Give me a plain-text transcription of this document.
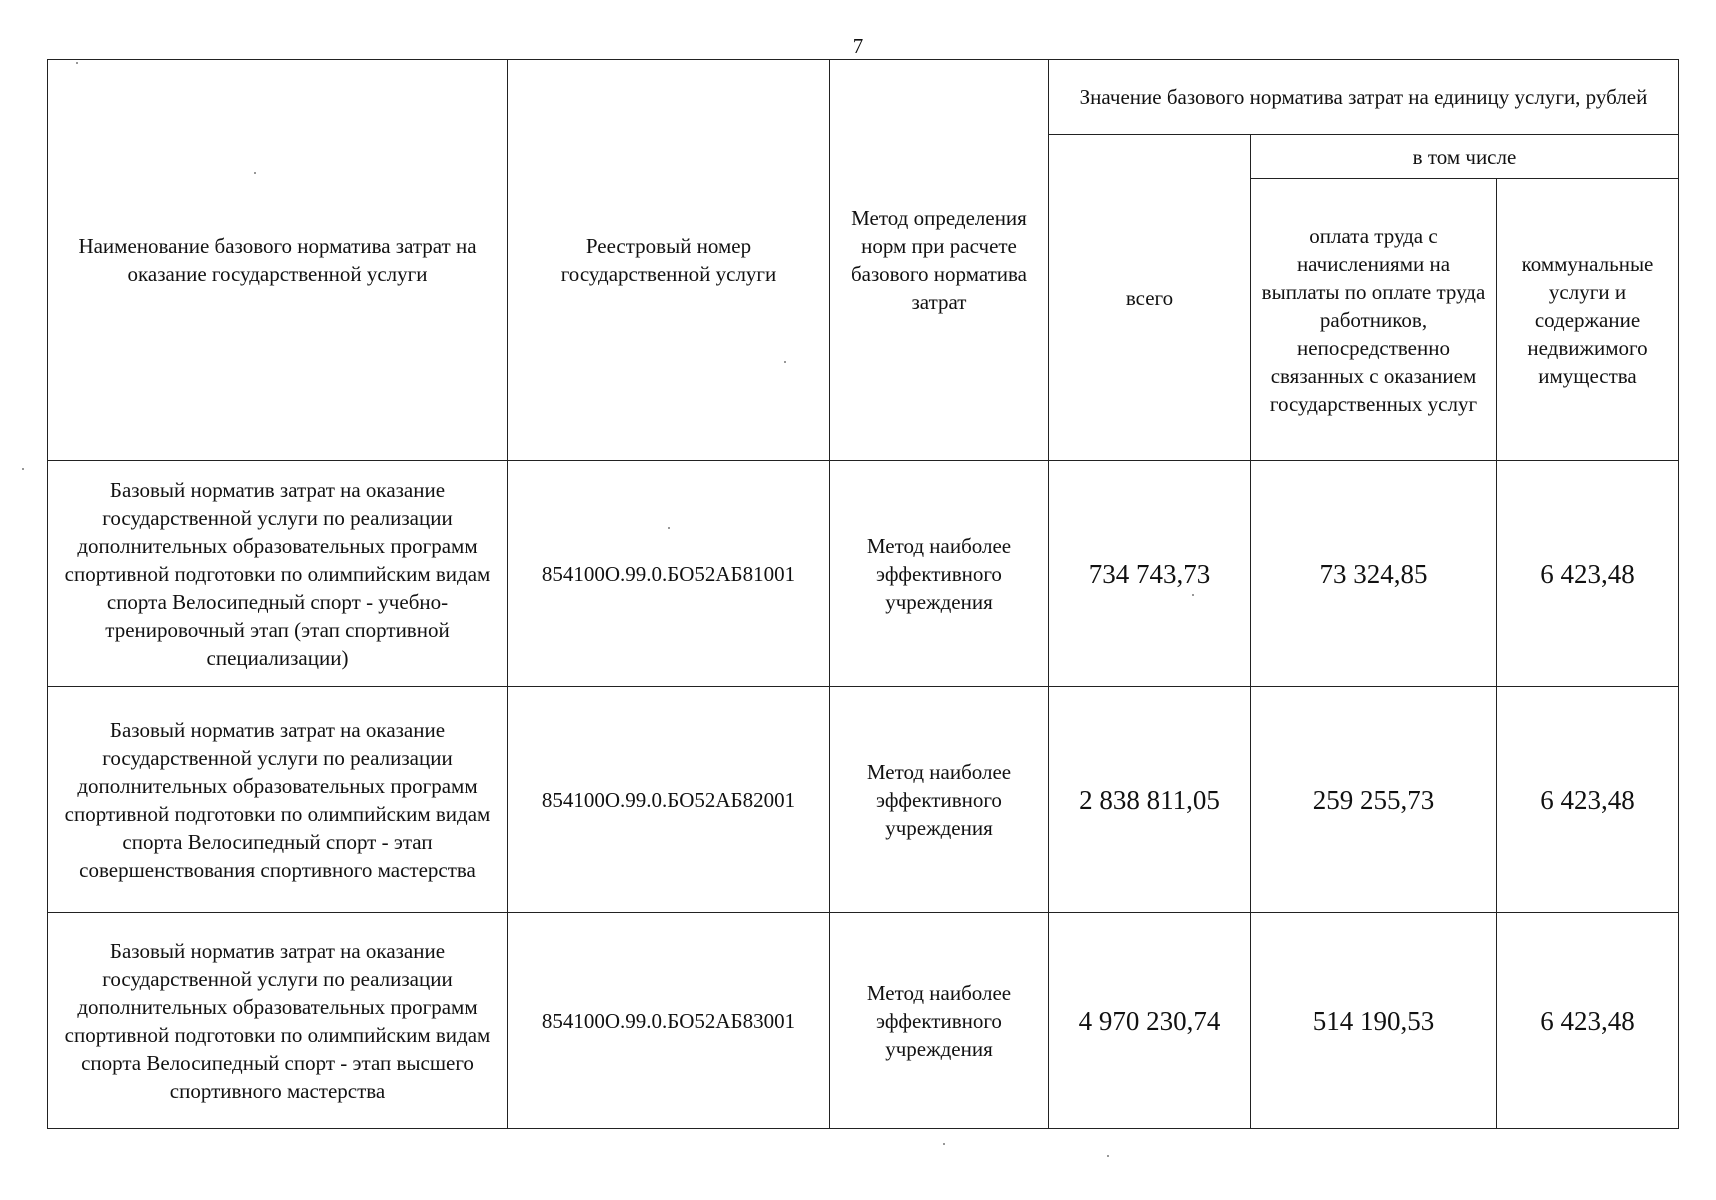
7
Наименование базового норматива затрат на оказание государственной услуги	Реестровый номер государственной услуги	Метод определения норм при расчете базового норматива затрат	Значение базового норматива затрат на единицу услуги, рублей		
			всего	в том числе	
				оплата труда с начислениями на выплаты по оплате труда работников, непосредственно связанных с оказанием государственных услуг	коммунальные услуги и содержание недвижимого имущества
Базовый норматив затрат на оказание государственной услуги по реализации дополнительных образовательных программ спортивной подготовки по олимпийским видам спорта Велосипедный спорт - учебно-тренировочный этап (этап спортивной специализации)	854100О.99.0.БО52АБ81001	Метод наиболее эффективного учреждения	734 743,73	73 324,85	6 423,48
Базовый норматив затрат на оказание государственной услуги по реализации дополнительных образовательных программ спортивной подготовки по олимпийским видам спорта Велосипедный спорт - этап совершенствования спортивного мастерства	854100О.99.0.БО52АБ82001	Метод наиболее эффективного учреждения	2 838 811,05	259 255,73	6 423,48
Базовый норматив затрат на оказание государственной услуги по реализации дополнительных образовательных программ спортивной подготовки по олимпийским видам спорта Велосипедный спорт - этап высшего спортивного мастерства	854100О.99.0.БО52АБ83001	Метод наиболее эффективного учреждения	4 970 230,74	514 190,53	6 423,48
